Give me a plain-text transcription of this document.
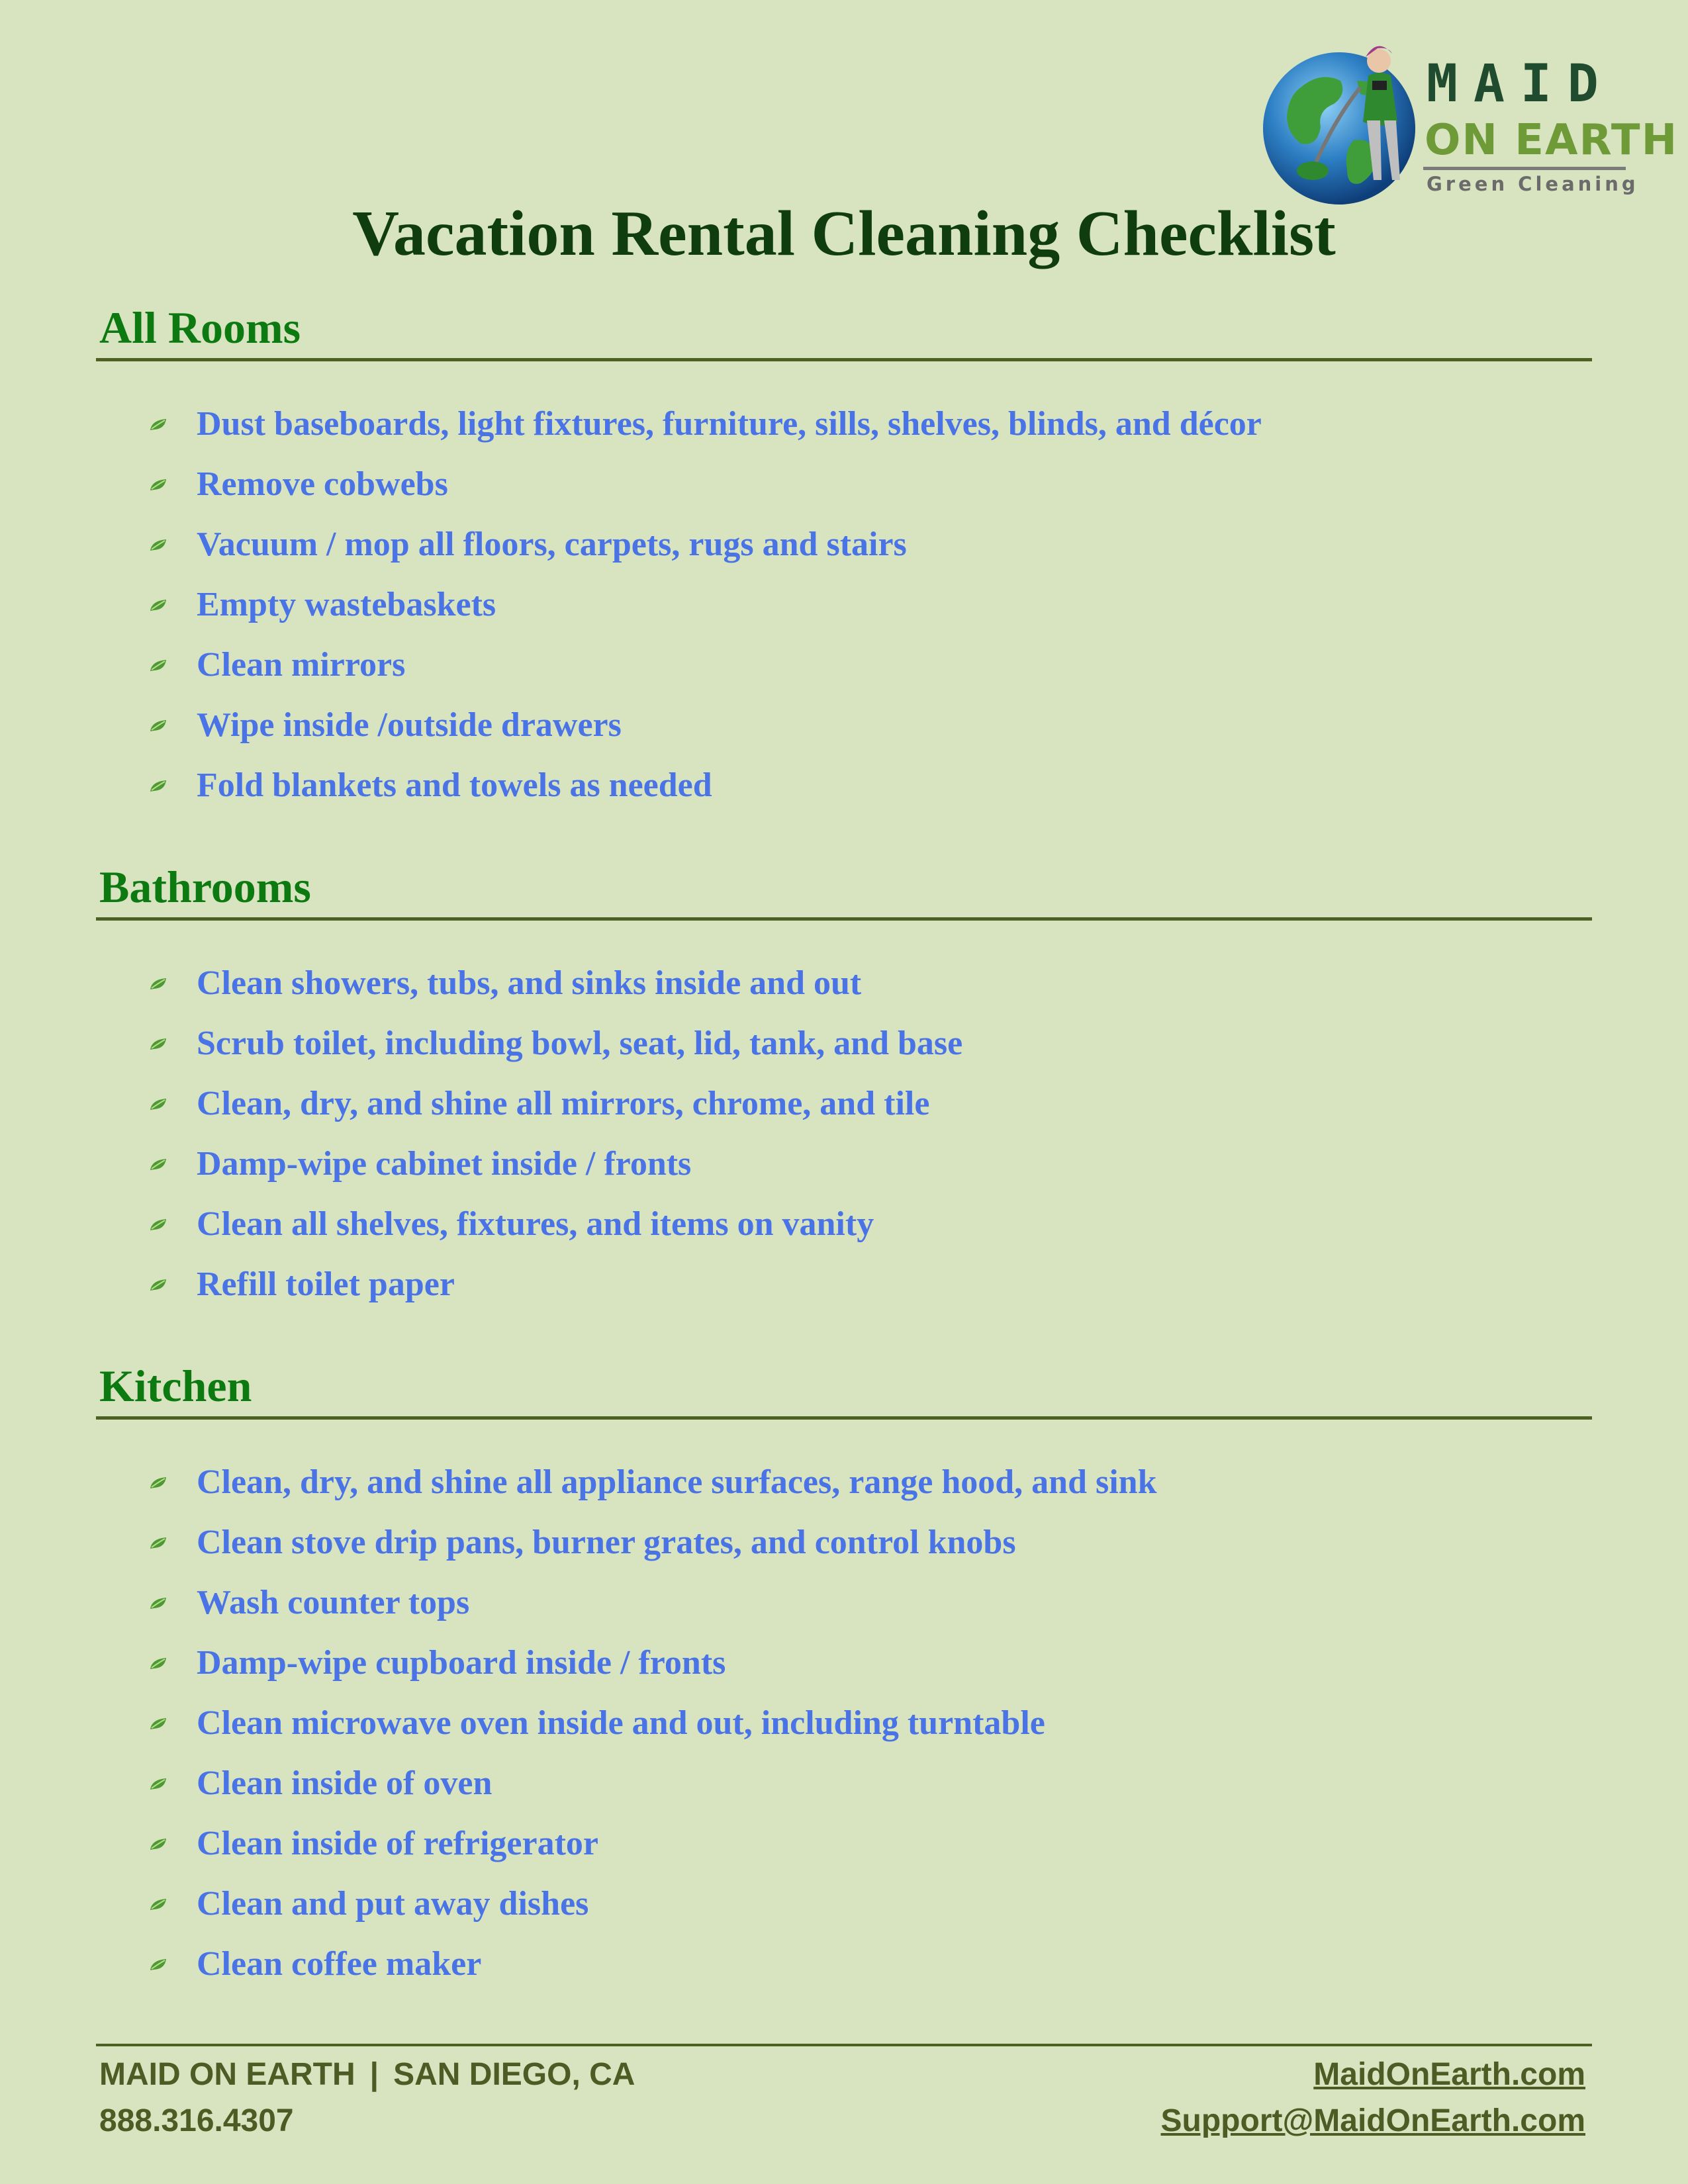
MAID
ON EARTH
Green Cleaning
Vacation Rental Cleaning Checklist
All Rooms
Dust baseboards, light fixtures, furniture, sills, shelves, blinds, and décor
Remove cobwebs
Vacuum / mop all floors, carpets, rugs and stairs
Empty wastebaskets
Clean mirrors
Wipe inside /outside drawers
Fold blankets and towels as needed
Bathrooms
Clean showers, tubs, and sinks inside and out
Scrub toilet, including bowl, seat, lid, tank, and base
Clean, dry, and shine all mirrors, chrome, and tile
Damp-wipe cabinet inside / fronts
Clean all shelves, fixtures, and items on vanity
Refill toilet paper
Kitchen
Clean, dry, and shine all appliance surfaces, range hood, and sink
Clean stove drip pans, burner grates, and control knobs
Wash counter tops
Damp-wipe cupboard inside / fronts
Clean microwave oven inside and out, including turntable
Clean inside of oven
Clean inside of refrigerator
Clean and put away dishes
Clean coffee maker
MAID ON EARTH | SAN DIEGO, CA
888.316.4307
MaidOnEarth.com
Support@MaidOnEarth.com
